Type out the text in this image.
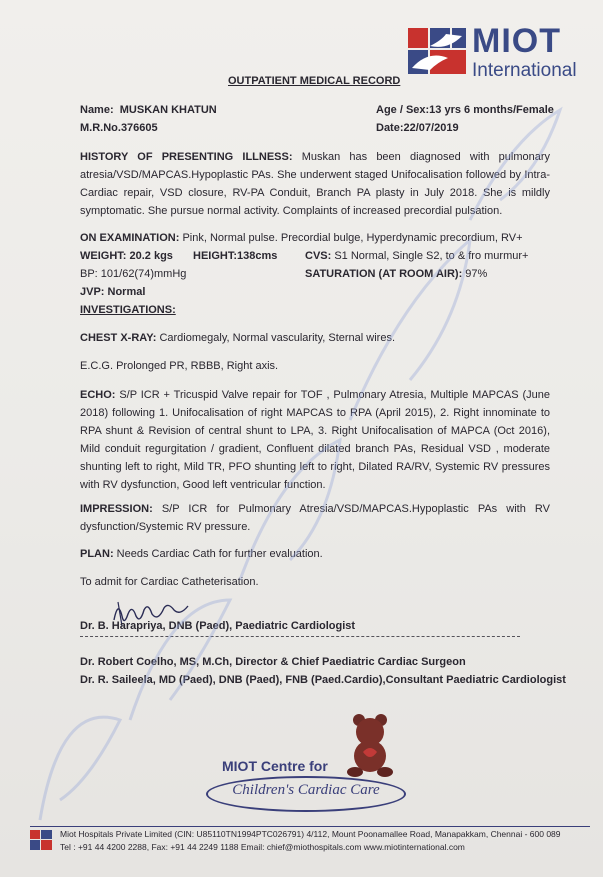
MIOT
International
OUTPATIENT MEDICAL RECORD
Name: MUSKAN KHATUN
M.R.No.376605
Age / Sex:13 yrs 6 months/Female
Date:22/07/2019
HISTORY OF PRESENTING ILLNESS: Muskan has been diagnosed with pulmonary atresia/VSD/MAPCAS.Hypoplastic PAs. She underwent staged Unifocalisation followed by Intra-Cardiac repair, VSD closure, RV-PA Conduit, Branch PA plasty in July 2018. She is mildly symptomatic. She pursue normal activity. Complaints of increased precordial pulsation.
ON EXAMINATION: Pink, Normal pulse. Precordial bulge, Hyperdynamic precordium, RV+
WEIGHT: 20.2 kgs HEIGHT:138cms	CVS: S1 Normal, Single S2, to & fro murmur+
BP: 101/62(74)mmHg	SATURATION (AT ROOM AIR): 97%
JVP: Normal
INVESTIGATIONS:
CHEST X-RAY: Cardiomegaly, Normal vascularity, Sternal wires.
E.C.G. Prolonged PR, RBBB, Right axis.
ECHO: S/P ICR + Tricuspid Valve repair for TOF , Pulmonary Atresia, Multiple MAPCAS (June 2018) following 1. Unifocalisation of right MAPCAS to RPA (April 2015), 2. Right innominate to RPA shunt & Revision of central shunt to LPA, 3. Right Unifocalisation of MAPCA (Oct 2016), Mild conduit regurgitation / gradient, Confluent dilated branch PAs, Residual VSD , moderate shunting left to right, Mild TR, PFO shunting left to right, Dilated RA/RV, Systemic RV pressures with RV dysfunction, Good left ventricular function.
IMPRESSION: S/P ICR for Pulmonary Atresia/VSD/MAPCAS.Hypoplastic PAs with RV dysfunction/Systemic RV pressure.
PLAN: Needs Cardiac Cath for further evaluation.
To admit for Cardiac Catheterisation.
Dr. B. Harapriya, DNB (Paed), Paediatric Cardiologist
Dr. Robert Coelho, MS, M.Ch, Director & Chief Paediatric Cardiac Surgeon
Dr. R. Saileela, MD (Paed), DNB (Paed), FNB (Paed.Cardio),Consultant Paediatric Cardiologist
MIOT Centre for
Children's Cardiac Care
Miot Hospitals Private Limited (CIN: U85110TN1994PTC026791) 4/112, Mount Poonamallee Road, Manapakkam, Chennai - 600 089
Tel : +91 44 4200 2288, Fax: +91 44 2249 1188 Email: chief@miothospitals.com www.miotinternational.com
